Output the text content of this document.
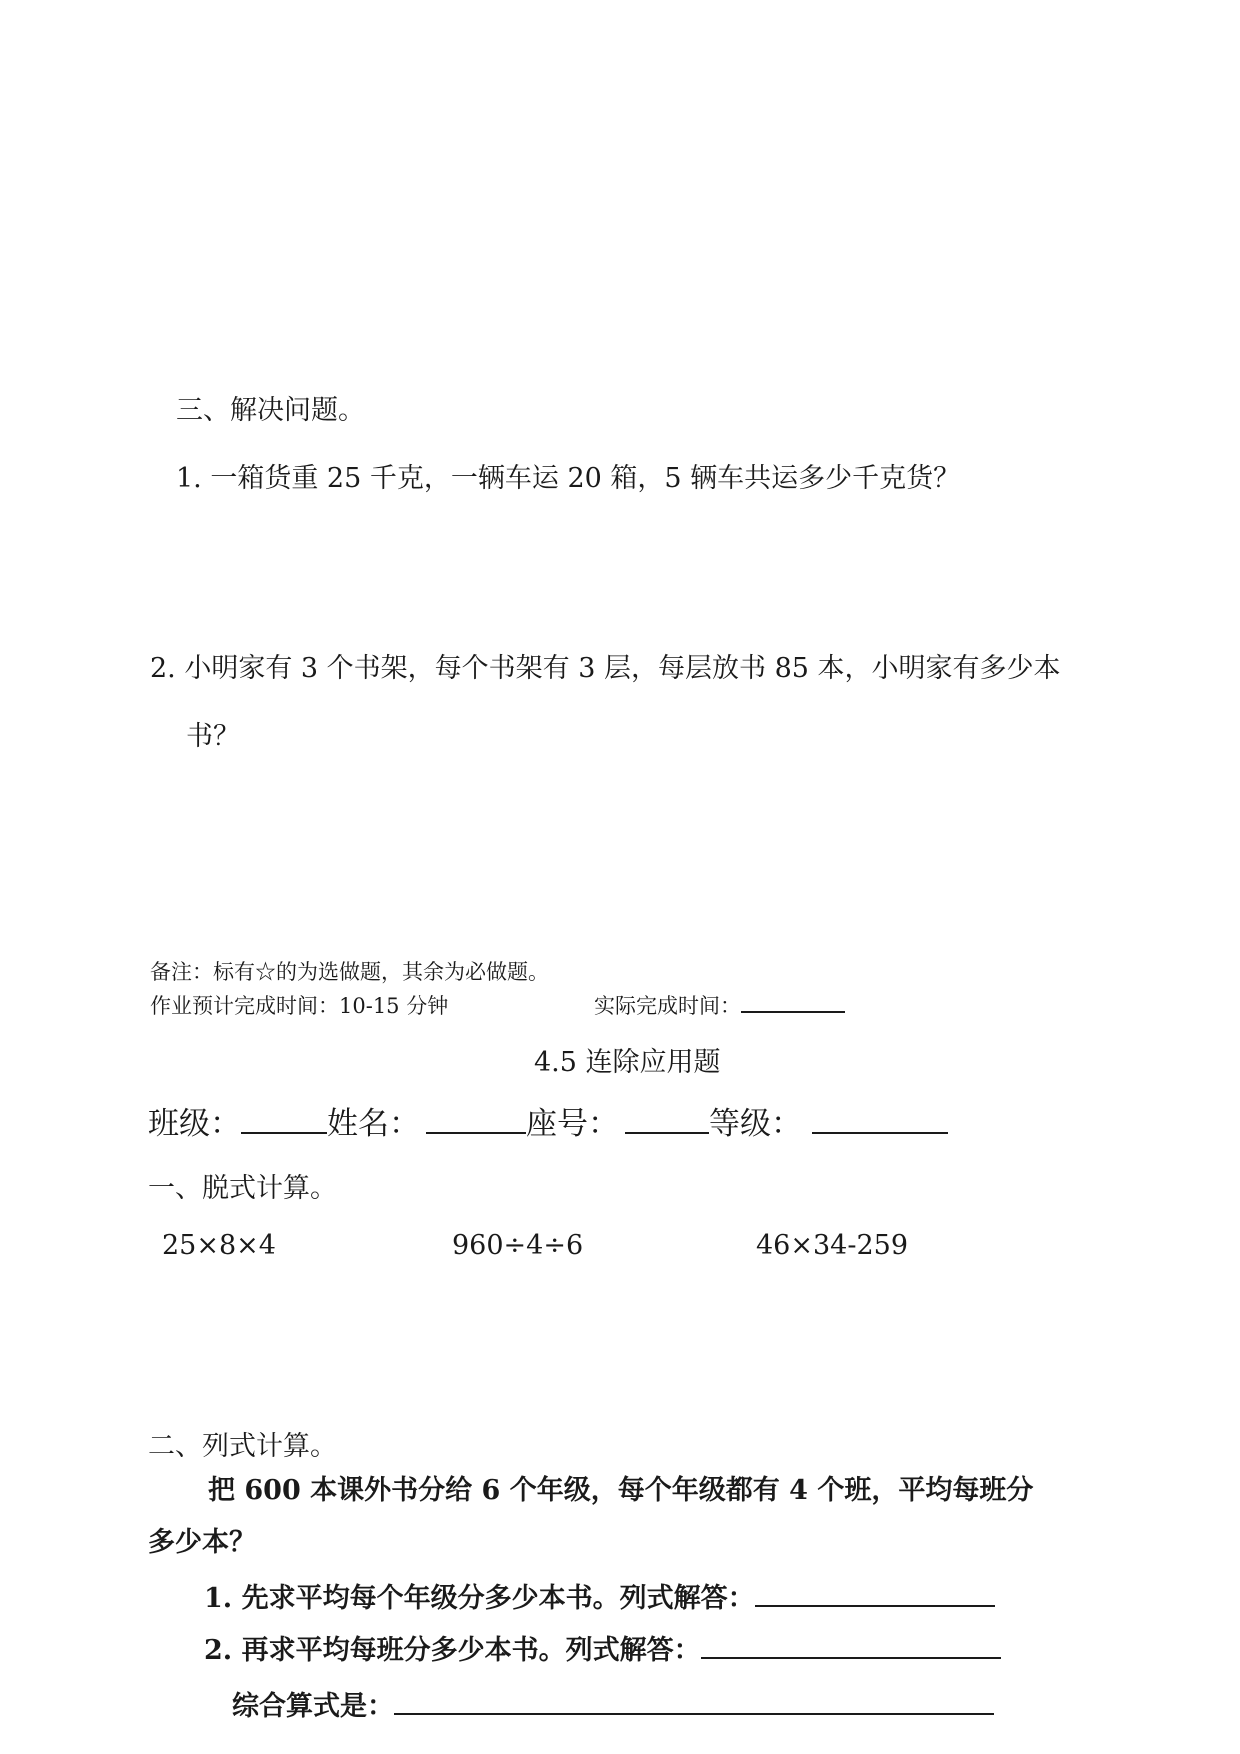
三、解决问题。
1. 一箱货重 25 千克，一辆车运 20 箱，5 辆车共运多少千克货？
2. 小明家有 3 个书架，每个书架有 3 层，每层放书 85 本，小明家有多少本
书？
备注：标有☆的为选做题，其余为必做题。
作业预计完成时间：10-15 分钟	实际完成时间：
4.5 连除应用题
班级：	姓名：	座号：	等级：
一、脱式计算。
25×8×4	960÷4÷6	46×34-259
二、列式计算。
把 600 本课外书分给 6 个年级，每个年级都有 4 个班，平均每班分
多少本？
1. 先求平均每个年级分多少本书。列式解答：
2. 再求平均每班分多少本书。列式解答：
综合算式是：
